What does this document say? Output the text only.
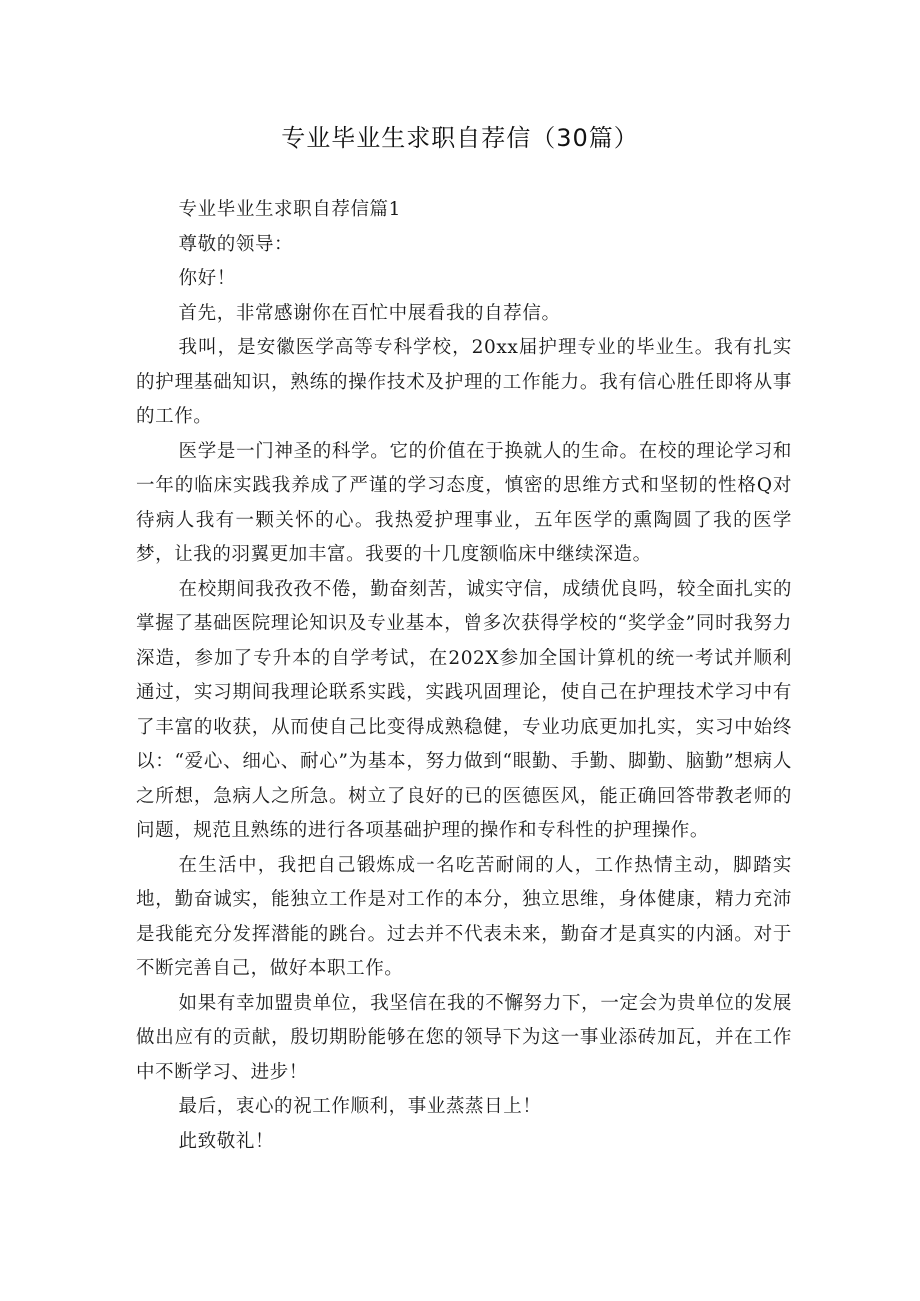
专业毕业生求职自荐信（30篇）

专业毕业生求职自荐信篇1

尊敬的领导：

你好！

首先，非常感谢你在百忙中展看我的自荐信。

我叫，是安徽医学高等专科学校，20xx届护理专业的毕业生。我有扎实的护理基础知识，熟练的操作技术及护理的工作能力。我有信心胜任即将从事的工作。

医学是一门神圣的科学。它的价值在于换就人的生命。在校的理论学习和一年的临床实践我养成了严谨的学习态度，慎密的思维方式和坚韧的性格Q对待病人我有一颗关怀的心。我热爱护理事业，五年医学的熏陶圆了我的医学梦，让我的羽翼更加丰富。我要的十几度额临床中继续深造。

在校期间我孜孜不倦，勤奋刻苦，诚实守信，成绩优良吗，较全面扎实的掌握了基础医院理论知识及专业基本，曾多次获得学校的“奖学金”同时我努力深造，参加了专升本的自学考试，在202X参加全国计算机的统一考试并顺利通过，实习期间我理论联系实践，实践巩固理论，使自己在护理技术学习中有了丰富的收获，从而使自己比变得成熟稳健，专业功底更加扎实，实习中始终以：“爱心、细心、耐心”为基本，努力做到“眼勤、手勤、脚勤、脑勤”想病人之所想，急病人之所急。树立了良好的已的医德医风，能正确回答带教老师的问题，规范且熟练的进行各项基础护理的操作和专科性的护理操作。

在生活中，我把自己锻炼成一名吃苦耐闹的人，工作热情主动，脚踏实地，勤奋诚实，能独立工作是对工作的本分，独立思维，身体健康，精力充沛是我能充分发挥潜能的跳台。过去并不代表未来，勤奋才是真实的内涵。对于不断完善自己，做好本职工作。

如果有幸加盟贵单位，我坚信在我的不懈努力下，一定会为贵单位的发展做出应有的贡献，殷切期盼能够在您的领导下为这一事业添砖加瓦，并在工作中不断学习、进步！

最后，衷心的祝工作顺利，事业蒸蒸日上！

此致敬礼！
